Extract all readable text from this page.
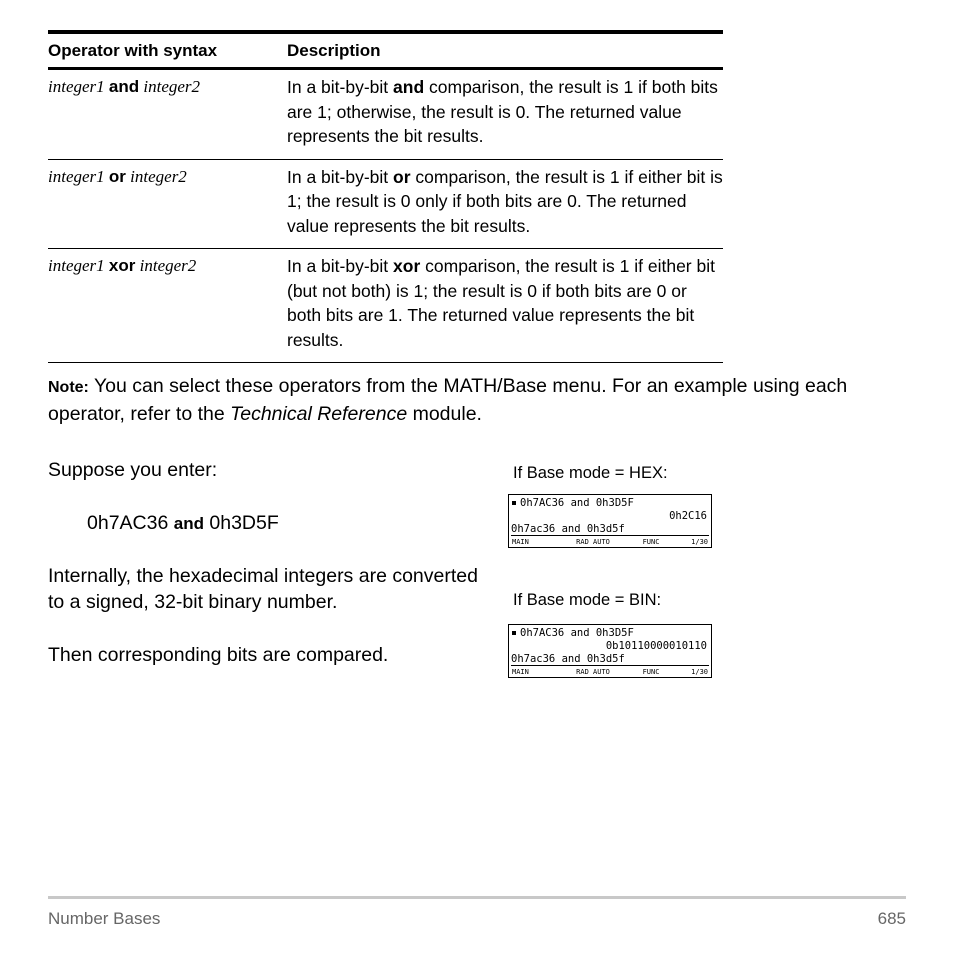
Operator with syntax	Description
integer1 and integer2	In a bit-by-bit and comparison, the result is 1 if both bits are 1; otherwise, the result is 0. The returned value represents the bit results.
integer1 or integer2	In a bit-by-bit or comparison, the result is 1 if either bit is 1; the result is 0 only if both bits are 0. The returned value represents the bit results.
integer1 xor integer2	In a bit-by-bit xor comparison, the result is 1 if either bit (but not both) is 1; the result is 0 if both bits are 0 or both bits are 1. The returned value represents the bit results.
Note: You can select these operators from the MATH/Base menu. For an example using each operator, refer to the Technical Reference module.
Suppose you enter:
0h7AC36 and 0h3D5F
Internally, the hexadecimal integers are converted to a signed, 32-bit binary number.
Then corresponding bits are compared.
If Base mode = HEX:
0h7AC36 and 0h3D5F
0h2C16
0h7ac36 and 0h3d5f
MAIN	RAD AUTO	FUNC	1/30
If Base mode = BIN:
0h7AC36 and 0h3D5F
0b10110000010110
0h7ac36 and 0h3d5f
MAIN	RAD AUTO	FUNC	1/30
Number Bases	685
